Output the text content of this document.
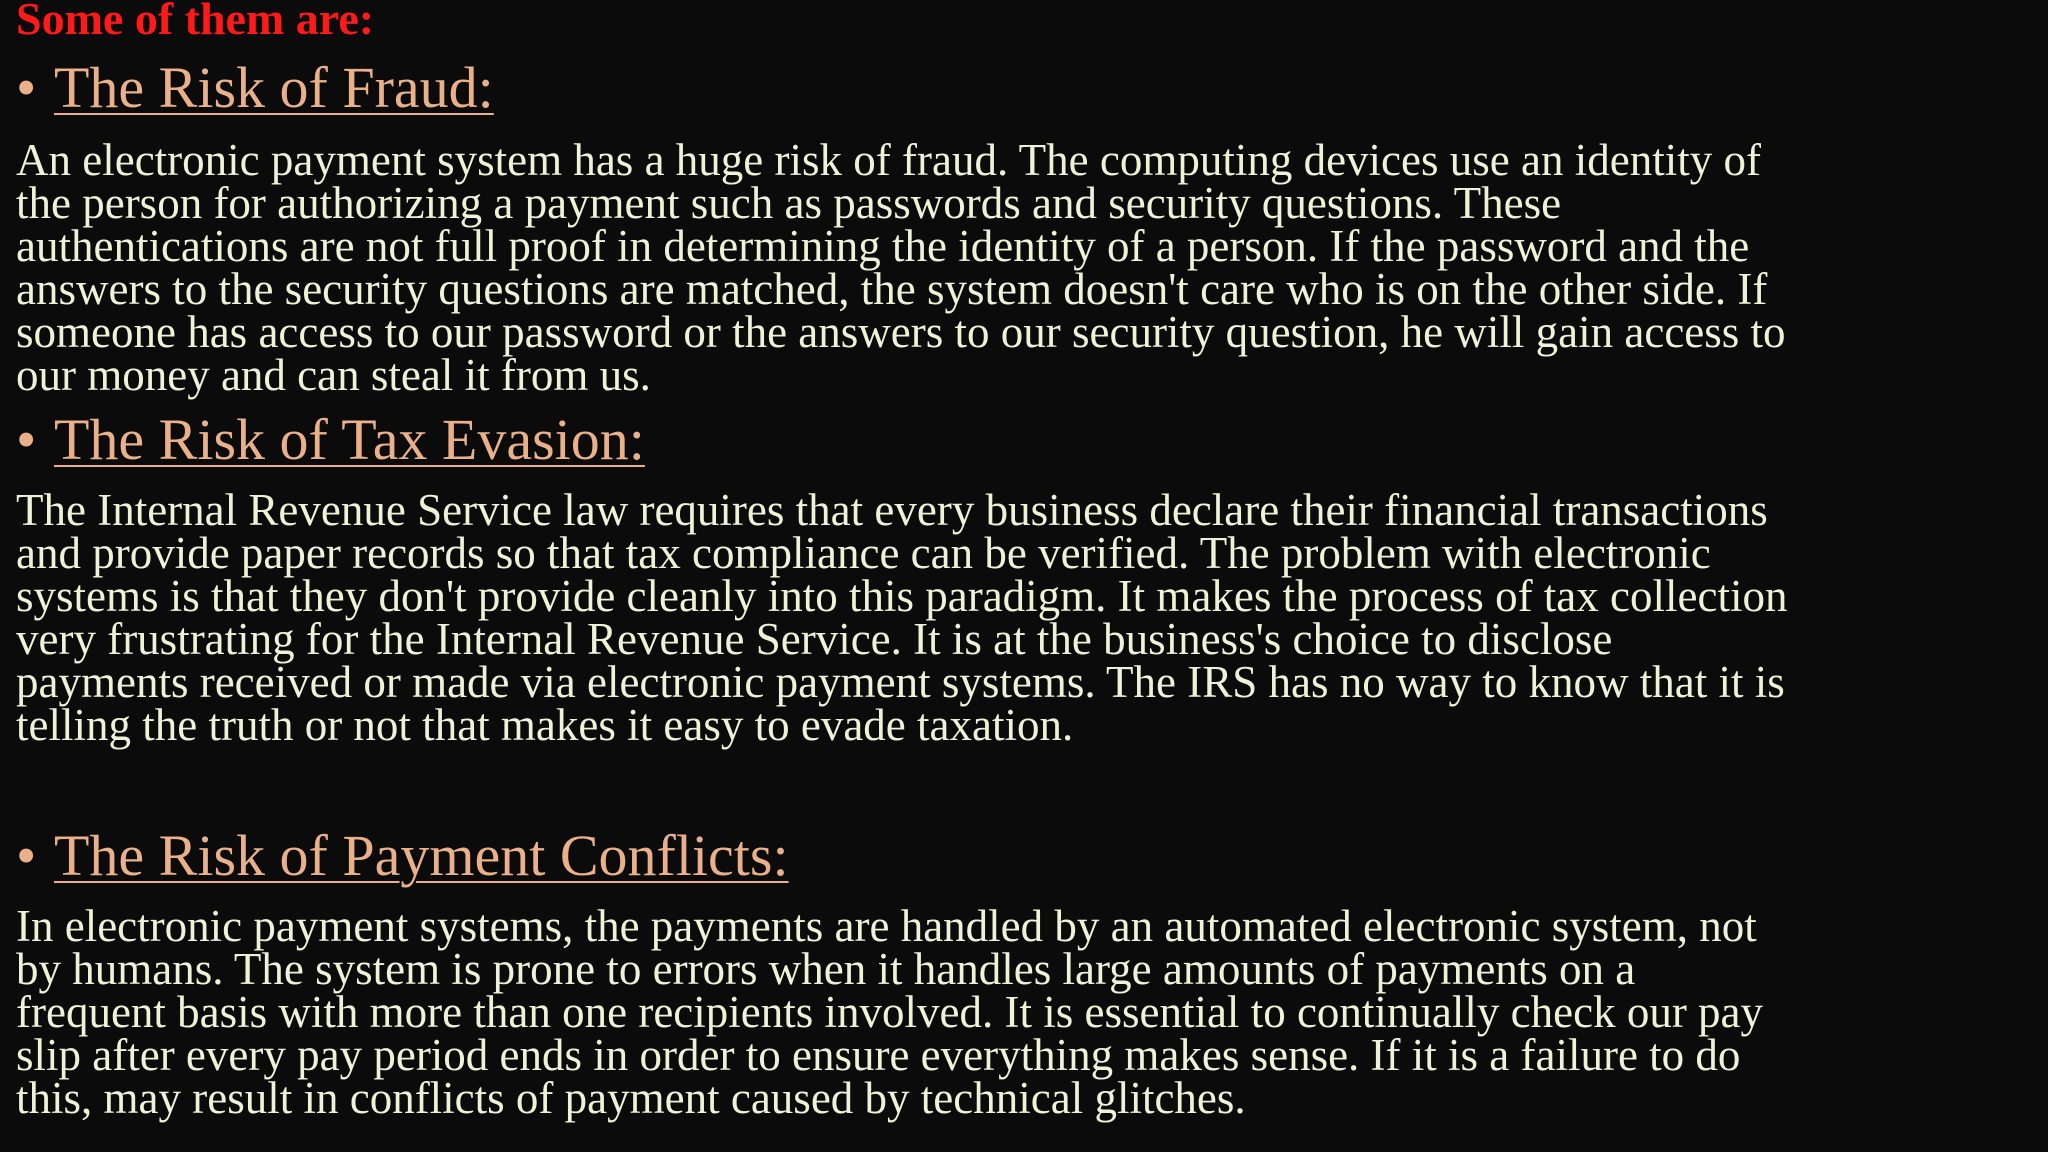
Some of them are:
• The Risk of Fraud:
An electronic payment system has a huge risk of fraud. The computing devices use an identity of
the person for authorizing a payment such as passwords and security questions. These
authentications are not full proof in determining the identity of a person. If the password and the
answers to the security questions are matched, the system doesn't care who is on the other side. If
someone has access to our password or the answers to our security question, he will gain access to
our money and can steal it from us.
• The Risk of Tax Evasion:
The Internal Revenue Service law requires that every business declare their financial transactions
and provide paper records so that tax compliance can be verified. The problem with electronic
systems is that they don't provide cleanly into this paradigm. It makes the process of tax collection
very frustrating for the Internal Revenue Service. It is at the business's choice to disclose
payments received or made via electronic payment systems. The IRS has no way to know that it is
telling the truth or not that makes it easy to evade taxation.
• The Risk of Payment Conflicts:
In electronic payment systems, the payments are handled by an automated electronic system, not
by humans. The system is prone to errors when it handles large amounts of payments on a
frequent basis with more than one recipients involved. It is essential to continually check our pay
slip after every pay period ends in order to ensure everything makes sense. If it is a failure to do
this, may result in conflicts of payment caused by technical glitches.
